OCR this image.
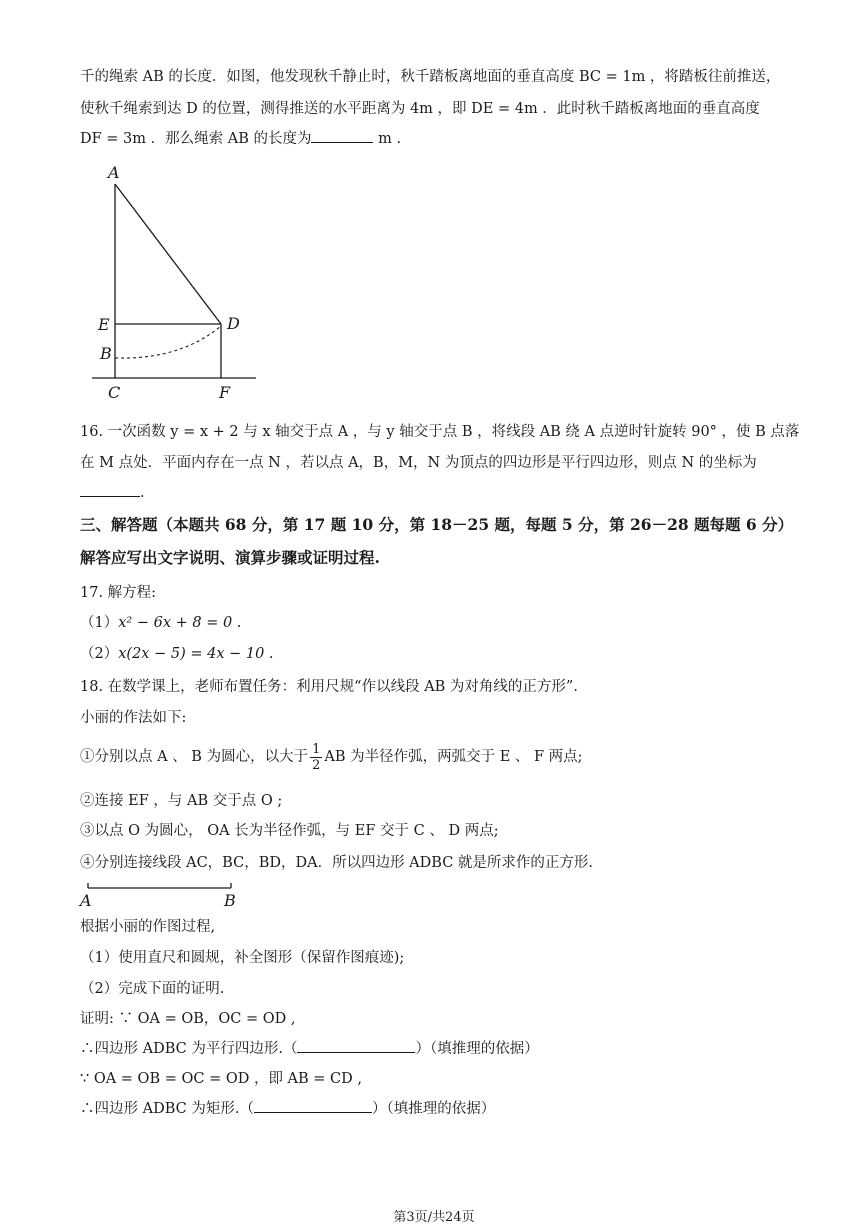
千的绳索 AB 的长度．如图，他发现秋千静止时，秋千踏板离地面的垂直高度 BC = 1m ，将踏板往前推送，
使秋千绳索到达 D 的位置，测得推送的水平距离为 4m ，即 DE = 4m ．此时秋千踏板离地面的垂直高度
DF = 3m ．那么绳索 AB 的长度为	m .
A
E
B
C
D
F
16. 一次函数 y = x + 2 与 x 轴交于点 A ，与 y 轴交于点 B ，将线段 AB 绕 A 点逆时针旋转 90° ，使 B 点落
在 M 点处．平面内存在一点 N ，若以点 A，B，M，N 为顶点的四边形是平行四边形，则点 N 的坐标为
.
三、解答题（本题共 68 分，第 17 题 10 分，第 18－25 题，每题 5 分，第 26－28 题每题 6 分）
解答应写出文字说明、演算步骤或证明过程.
17. 解方程:
（1）x² − 6x + 8 = 0 .
（2）x(2x − 5) = 4x − 10 .
18. 在数学课上，老师布置任务：利用尺规“作以线段 AB 为对角线的正方形”．
小丽的作法如下:
①分别以点 A 、 B 为圆心，以大于 $\frac{1}{2}$ AB 为半径作弧，两弧交于 E 、 F 两点;
②连接 EF ，与 AB 交于点 O ;
③以点 O 为圆心， OA 长为半径作弧，与 EF 交于 C 、 D 两点;
④分别连接线段 AC，BC，BD，DA．所以四边形 ADBC 就是所求作的正方形.
A	B
根据小丽的作图过程,
（1）使用直尺和圆规，补全图形（保留作图痕迹);
（2）完成下面的证明.
证明: ∵ OA = OB，OC = OD ,
∴四边形 ADBC 为平行四边形.（	）（填推理的依据）
∵ OA = OB = OC = OD ，即 AB = CD ,
∴四边形 ADBC 为矩形.（	）（填推理的依据）
第3页/共24页
